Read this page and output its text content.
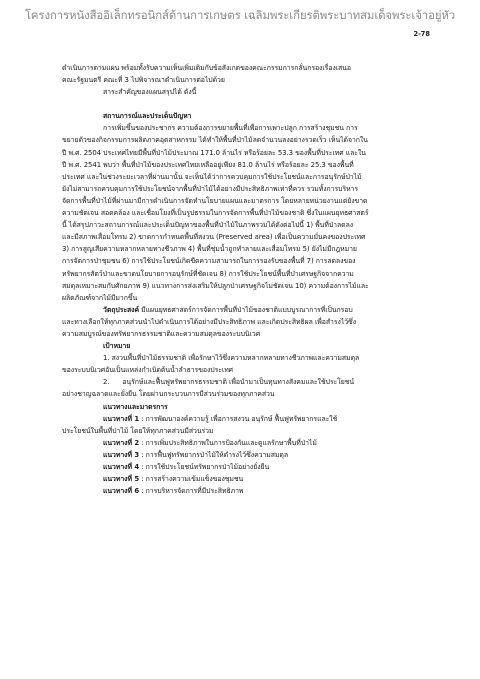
โครงการหนังสืออิเล็กทรอนิกส์ด้านการเกษตร เฉลิมพระเกียรติพระบาทสมเด็จพระเจ้าอยู่หัว
2-78

ดำเนินการตามแผน พร้อมทั้งรับความเห็นเพิ่มเติมกับข้อสังเกตของคณะกรรมการกลั่นกรองเรื่องเสนอ

คณะรัฐมนตรี คณะที่ 3 ไปพิจารณาดำเนินการต่อไปด้วย

สาระสำคัญของแผนสรุปได้ ดังนี้

สถานการณ์และประเด็นปัญหา

การเพิ่มขึ้นของประชากร ความต้องการขยายพื้นที่เพื่อการเพาะปลูก การสร้างชุมชน การ

ขยายตัวของกิจกรรมการผลิตภาคอุตสาหกรรม ได้ทำให้พื้นที่ป่าไม้ลดจำนวนลงอย่างรวดเร็ว เห็นได้จากใน

ปี พ.ศ. 2504 ประเทศไทยมีพื้นที่ป่าไม้ประมาณ 171.0 ล้านไร่ หรือร้อยละ 53.3 ของพื้นที่ประเทศ และใน

ปี พ.ศ. 2541 พบว่า พื้นที่ป่าไม้ของประเทศไทยเหลืออยู่เพียง 81.0 ล้านไร่ หรือร้อยละ 25.3 ของพื้นที่

ประเทศ และในช่วงระยะเวลาที่ผ่านมานั้น จะเห็นได้ว่าการควบคุมการใช้ประโยชน์และการอนุรักษ์ป่าไม้

ยังไม่สามารถควบคุมการใช้ประโยชน์จากพื้นที่ป่าไม้ได้อย่างมีประสิทธิภาพเท่าที่ควร รวมทั้งการบริหาร

จัดการพื้นที่ป่าไม้ที่ผ่านมามีการดำเนินการจัดทำนโยบายแผนและมาตรการ โดยหลายหน่วยงานแต่ยังขาด

ความชัดเจน สอดคล้อง และเชื่อมโยงที่เป็นรูปธรรมในการจัดการพื้นที่ป่าไม้ของชาติ ซึ่งในแผนยุทธศาสตร์

นี้ ได้สรุปภาวะสถานการณ์และประเด็นปัญหาของพื้นที่ป่าไม้ในภาพรวมได้ดังต่อไปนี้ 1) พื้นที่ป่าลดลง

และมีสภาพเสื่อมโทรม 2) ขาดการกำหนดพื้นที่สงวน (Preserved area) เพื่อเป็นความมั่นคงของประเทศ

3) การสูญเสียความหลากหลายทางชีวภาพ 4) พื้นที่ชุ่มน้ำถูกทำลายและเสื่อมโทรม 5) ยังไม่มีกฎหมาย

การจัดการป่าชุมชน 6) การใช้ประโยชน์เกิดขีดความสามารถในการรองรับของพื้นที่ 7) การลดลงของ

ทรัพยากรสัตว์ป่าและขาดนโยบายการอนุรักษ์ที่ชัดเจน 8) การใช้ประโยชน์พื้นที่ป่าเศรษฐกิจจากความ

สมดุลเหมาะสมกับศักยภาพ 9) แนวทางการส่งเสริมให้ปลูกป่าเศรษฐกิจไม่ชัดเจน 10) ความต้องการไม้และ

ผลิตภัณฑ์จากไม้มีมากขึ้น

วัตถุประสงค์ มีแผนยุทธศาสตร์การจัดการพื้นที่ป่าไม้ของชาติแบบบูรณาการที่เป็นกรอบ

และทางเลือกให้ทุกภาคส่วนนำไปดำเนินการได้อย่างมีประสิทธิภาพ และเกิดประสิทธิผล เพื่อสำรงไว้ซึ่ง

ความสมบูรณ์ของทรัพยากรธรรมชาติและความสมดุลของระบบนิเวศ

เป้าหมาย

1. สงวนพื้นที่ป่าไม้ธรรมชาติ เพื่อรักษาไว้ซึ่งความหลากหลายทางชีวภาพและความสมดุล

ของระบบนิเวศอันเป็นแหล่งกำเนิดต้นน้ำลำธารของประเทศ

2.      อนุรักษ์และฟื้นฟูทรัพยากรธรรมชาติ เพื่อนำมาเป็นทุนทางสังคมและใช้ประโยชน์

อย่างชาญฉลาดและยั่งยืน โดยผ่านกระบวนการมีส่วนร่วมของทุกภาคส่วน

แนวทางและมาตรการ

แนวทางที่ 1 : การพัฒนาองค์ความรู้ เพื่อการสงวน อนุรักษ์ ฟื้นฟูทรัพยากรและใช้

ประโยชน์ในพื้นที่ป่าไม้ โดยให้ทุกภาคส่วนมีส่วนร่วม

แนวทางที่ 2 : การเพิ่มประสิทธิภาพในการป้องกันและดูแลรักษาพื้นที่ป่าไม้

แนวทางที่ 3 : การฟื้นฟูทรัพยากรป่าไม้ให้ดำรงไว้ซึ่งความสมดุล

แนวทางที่ 4 : การใช้ประโยชน์ทรัพยากรป่าไม้อย่างยั่งยืน

แนวทางที่ 5 : การสร้างความเข้มแข็งของชุมชน

แนวทางที่ 6 : การบริหารจัดการที่มีประสิทธิภาพ
